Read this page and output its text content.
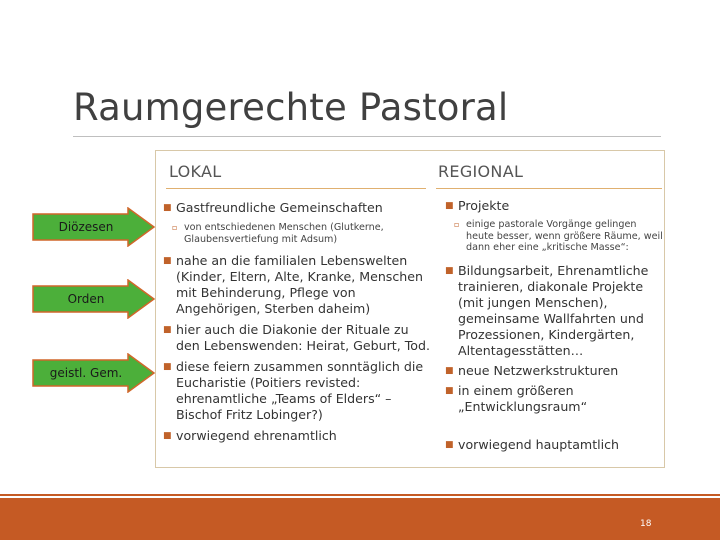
Raumgerechte Pastoral
LOKAL	REGIONAL
■ Gastfreundliche Gemeinschaften
▫ von entschiedenen Menschen (Glutkerne, Glaubensvertiefung mit Adsum)
■ nahe an die familialen Lebenswelten (Kinder, Eltern, Alte, Kranke, Menschen mit Behinderung, Pflege von Angehörigen, Sterben daheim)
■ hier auch die Diakonie der Rituale zu den Lebenswenden: Heirat, Geburt, Tod.
■ diese feiern zusammen sonntäglich die Eucharistie (Poitiers revisted: ehrenamtliche „Teams of Elders“ – Bischof Fritz Lobinger?)
■ vorwiegend ehrenamtlich
■ Projekte
▫ einige pastorale Vorgänge gelingen heute besser, wenn größere Räume, weil dann eher eine „kritische Masse“:
■ Bildungsarbeit, Ehrenamtliche trainieren, diakonale Projekte (mit jungen Menschen), gemeinsame Wallfahrten und Prozessionen, Kindergärten, Altentagesstätten…
■ neue Netzwerkstrukturen
■ in einem größeren „Entwicklungsraum“
■ vorwiegend hauptamtlich
Diözesen
Orden
geistl. Gem.
18
